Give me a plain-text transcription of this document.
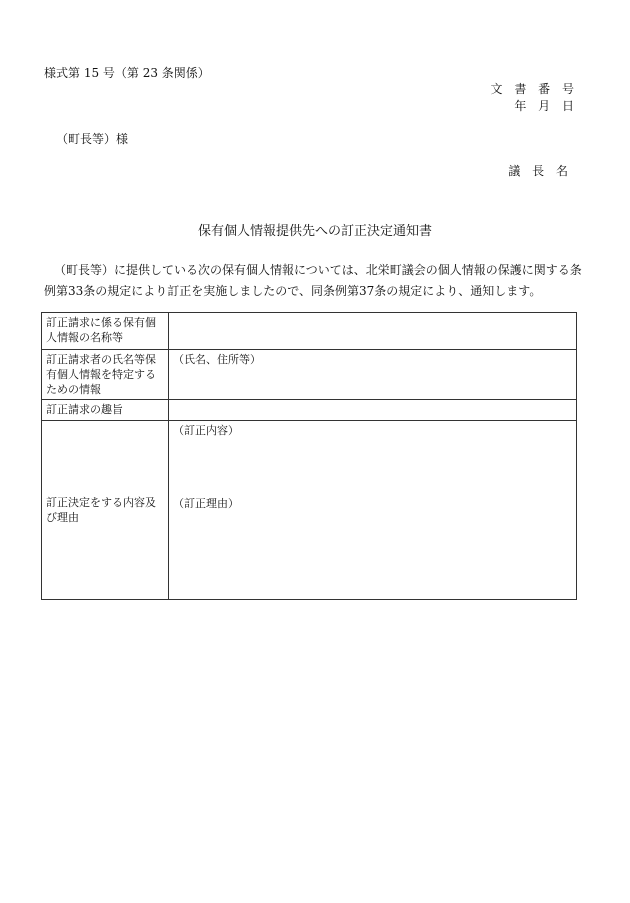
様式第 15 号（第 23 条関係）
文 書 番 号
年 月 日
（町長等）様
議 長 名
保有個人情報提供先への訂正決定通知書
（町長等）に提供している次の保有個人情報については、北栄町議会の個人情報の保護に関する条例第33条の規定により訂正を実施しましたので、同条例第37条の規定により、通知します。
訂正請求に係る保有個人情報の名称等	
訂正請求者の氏名等保有個人情報を特定するための情報	（氏名、住所等）
訂正請求の趣旨	
訂正決定をする内容及び理由	（訂正内容）
（訂正理由）
